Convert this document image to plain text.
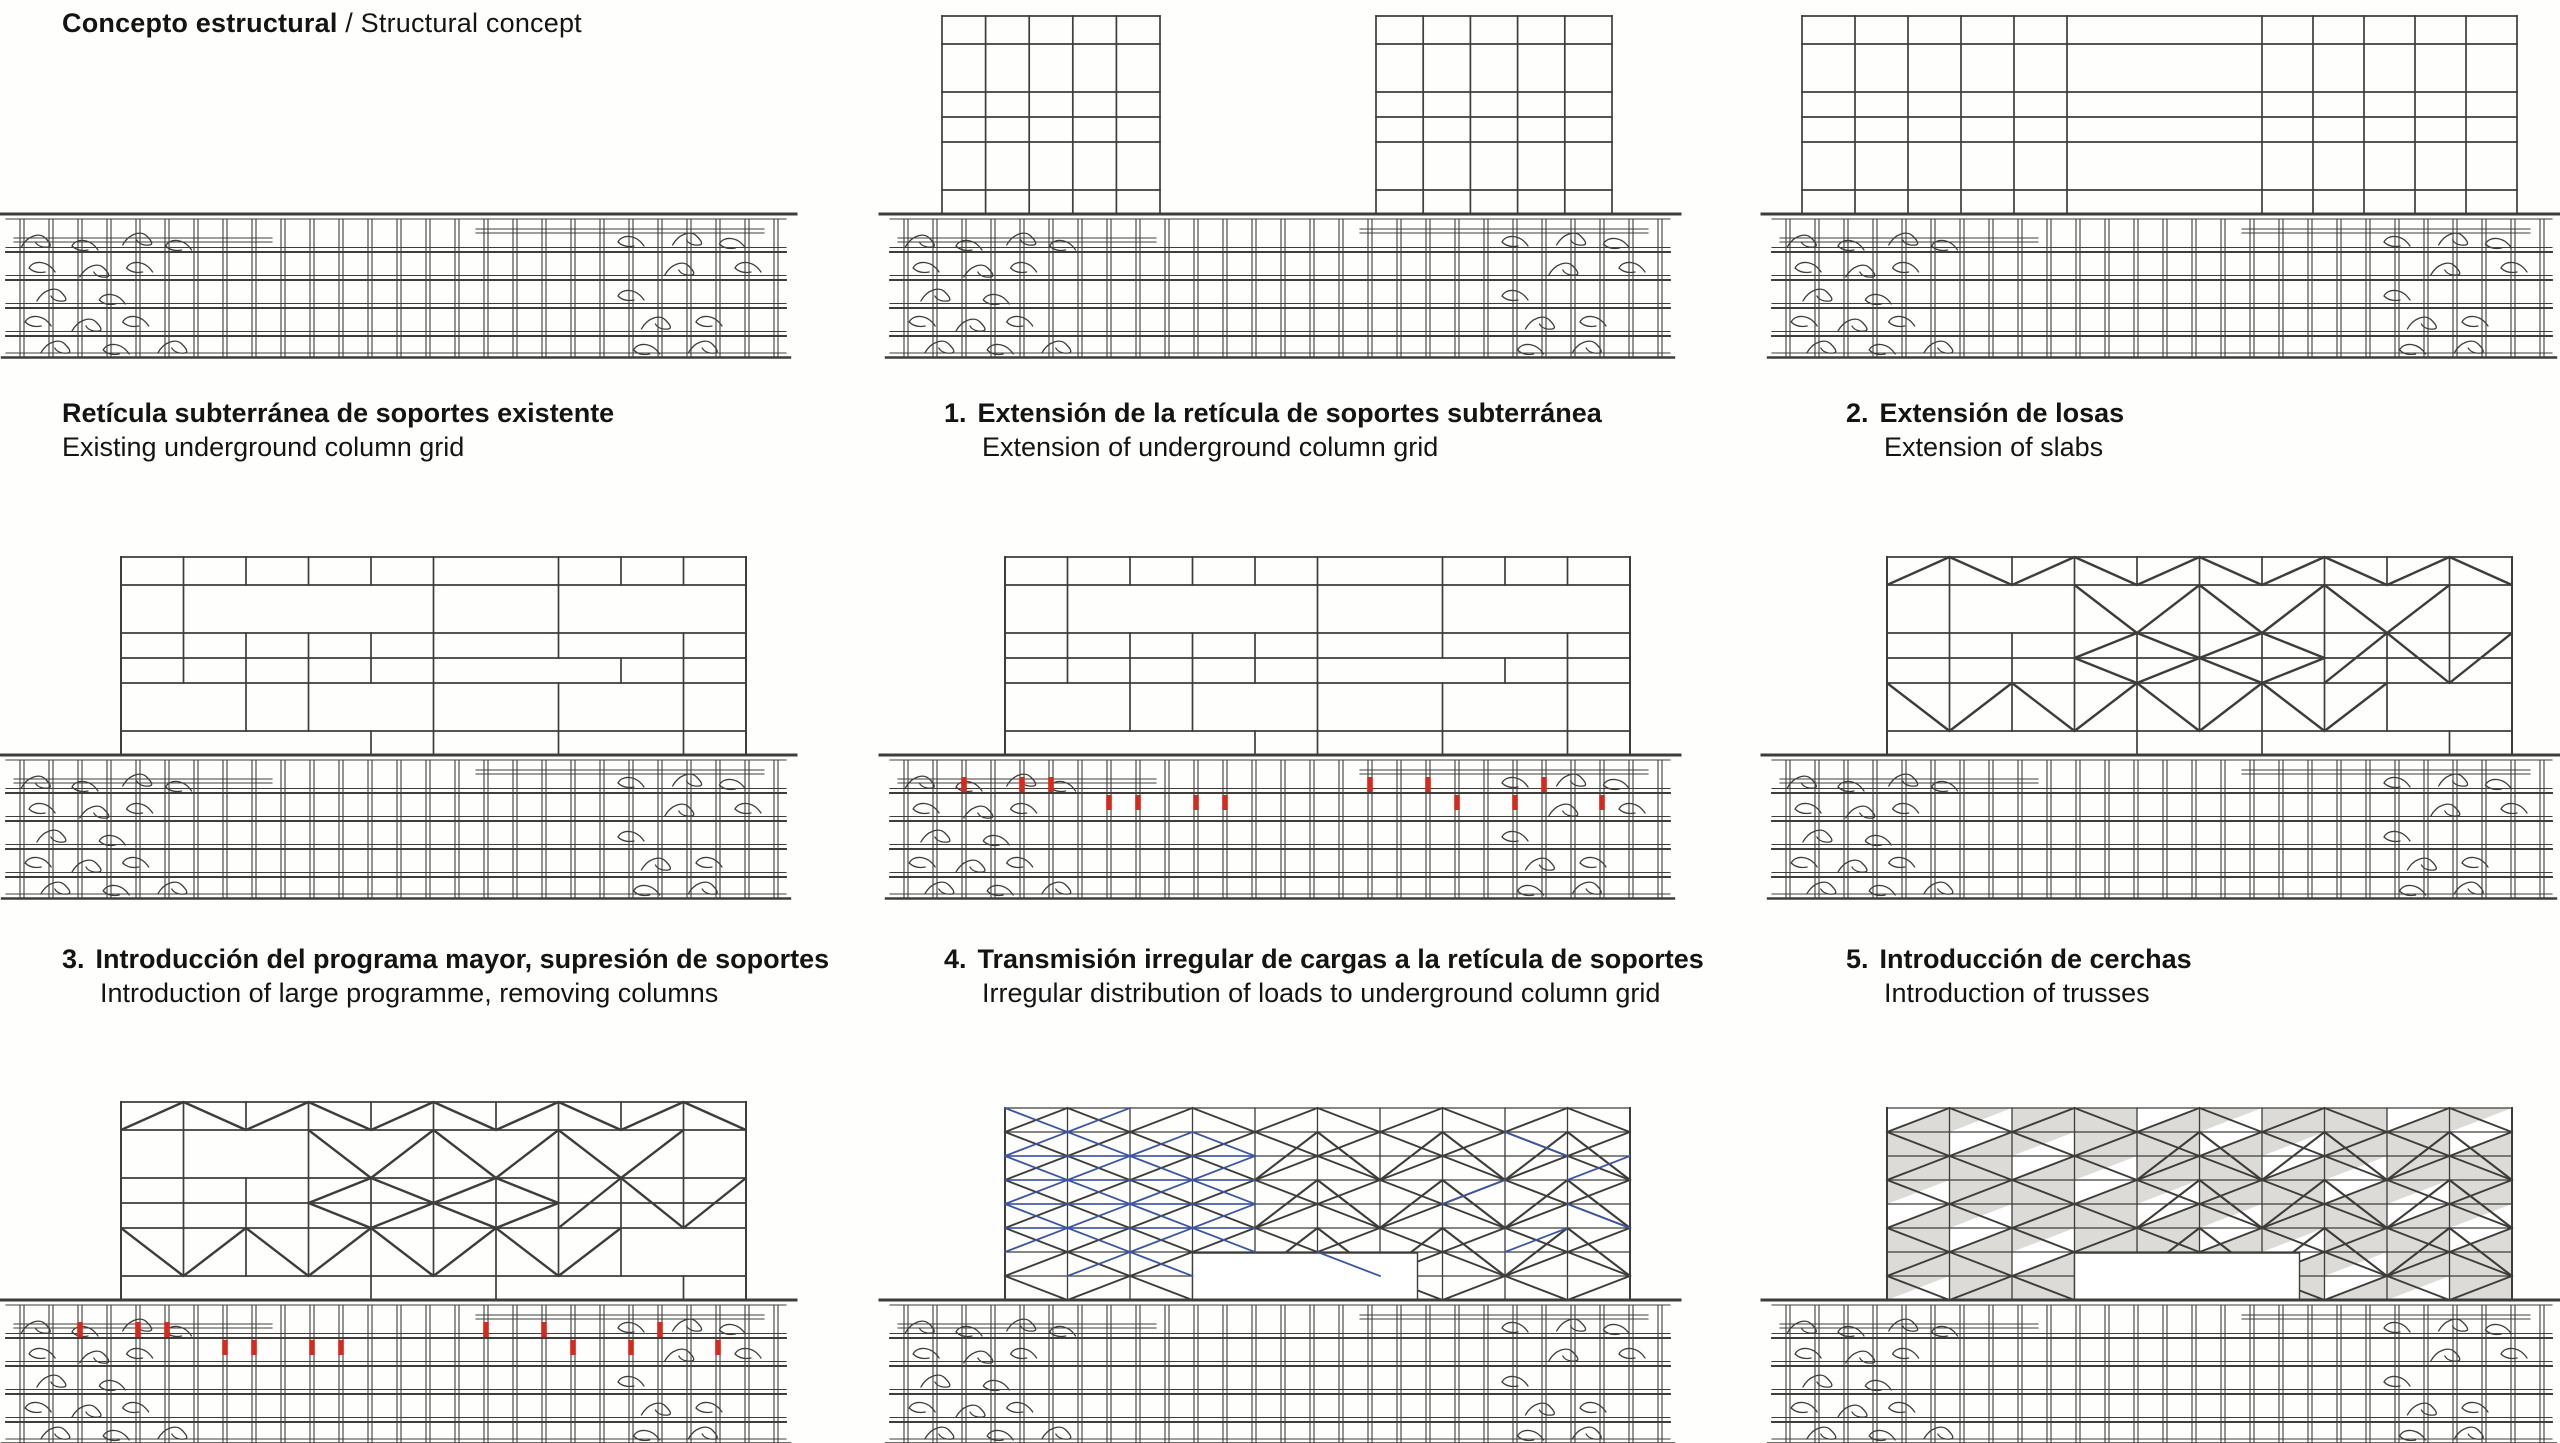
Concepto estructural / Structural concept
Retícula subterránea de soportes existente
Existing underground column grid
1. Extensión de la retícula de soportes subterránea
Extension of underground column grid
2. Extensión de losas
Extension of slabs
3. Introducción del programa mayor, supresión de soportes
Introduction of large programme, removing columns
4. Transmisión irregular de cargas a la retícula de soportes
Irregular distribution of loads to underground column grid
5. Introducción de cerchas
Introduction of trusses
